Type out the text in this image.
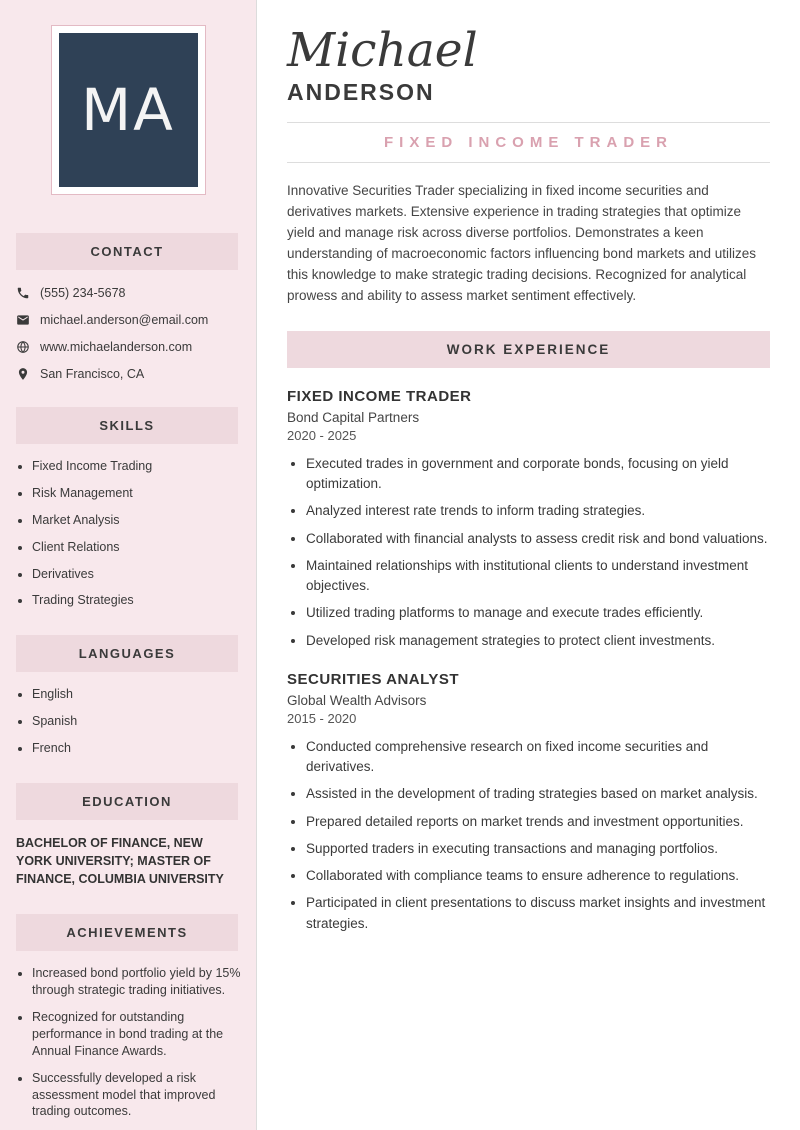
MA
CONTACT
(555) 234-5678
michael.anderson@email.com
www.michaelanderson.com
San Francisco, CA
SKILLS
• Fixed Income Trading
• Risk Management
• Market Analysis
• Client Relations
• Derivatives
• Trading Strategies
LANGUAGES
• English
• Spanish
• French
EDUCATION
BACHELOR OF FINANCE, NEW YORK UNIVERSITY; MASTER OF FINANCE, COLUMBIA UNIVERSITY
ACHIEVEMENTS
• Increased bond portfolio yield by 15% through strategic trading initiatives.
• Recognized for outstanding performance in bond trading at the Annual Finance Awards.
• Successfully developed a risk assessment model that improved trading outcomes.
Michael
ANDERSON
FIXED INCOME TRADER

Innovative Securities Trader specializing in fixed income securities and derivatives markets. Extensive experience in trading strategies that optimize yield and manage risk across diverse portfolios. Demonstrates a keen understanding of macroeconomic factors influencing bond markets and utilizes this knowledge to make strategic trading decisions. Recognized for analytical prowess and ability to assess market sentiment effectively.

WORK EXPERIENCE
FIXED INCOME TRADER
Bond Capital Partners
2020 - 2025
• Executed trades in government and corporate bonds, focusing on yield optimization.
• Analyzed interest rate trends to inform trading strategies.
• Collaborated with financial analysts to assess credit risk and bond valuations.
• Maintained relationships with institutional clients to understand investment objectives.
• Utilized trading platforms to manage and execute trades efficiently.
• Developed risk management strategies to protect client investments.
SECURITIES ANALYST
Global Wealth Advisors
2015 - 2020
• Conducted comprehensive research on fixed income securities and derivatives.
• Assisted in the development of trading strategies based on market analysis.
• Prepared detailed reports on market trends and investment opportunities.
• Supported traders in executing transactions and managing portfolios.
• Collaborated with compliance teams to ensure adherence to regulations.
• Participated in client presentations to discuss market insights and investment strategies.
